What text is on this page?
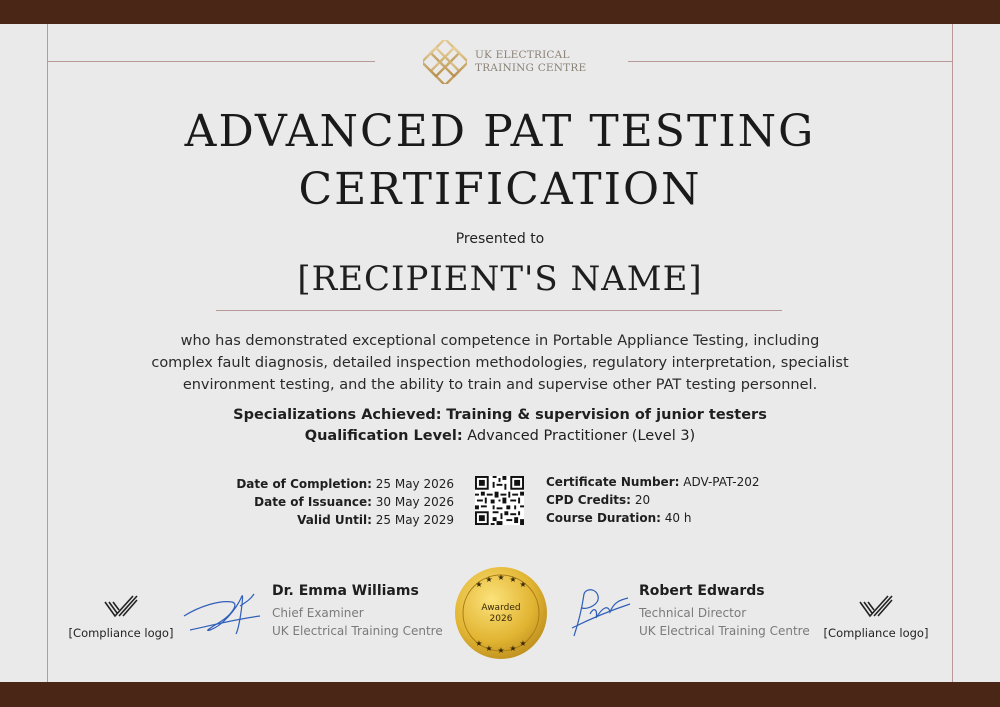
UK ELECTRICAL
TRAINING CENTRE
ADVANCED PAT TESTING
CERTIFICATION
Presented to
[RECIPIENT'S NAME]
who has demonstrated exceptional competence in Portable Appliance Testing, including
complex fault diagnosis, detailed inspection methodologies, regulatory interpretation, specialist
environment testing, and the ability to train and supervise other PAT testing personnel.
Specializations Achieved: Training & supervision of junior testers
Qualification Level: Advanced Practitioner (Level 3)
Date of Completion: 25 May 2026
Date of Issuance: 30 May 2026
Valid Until: 25 May 2029
Certificate Number: ADV-PAT-202
CPD Credits: 20
Course Duration: 40 h
[Compliance logo]	[Compliance logo]
Dr. Emma Williams
Chief Examiner
UK Electrical Training Centre
★
★ ★ ★
★
★
★ ★ ★
★
Awarded
2026
Robert Edwards
Technical Director
UK Electrical Training Centre
